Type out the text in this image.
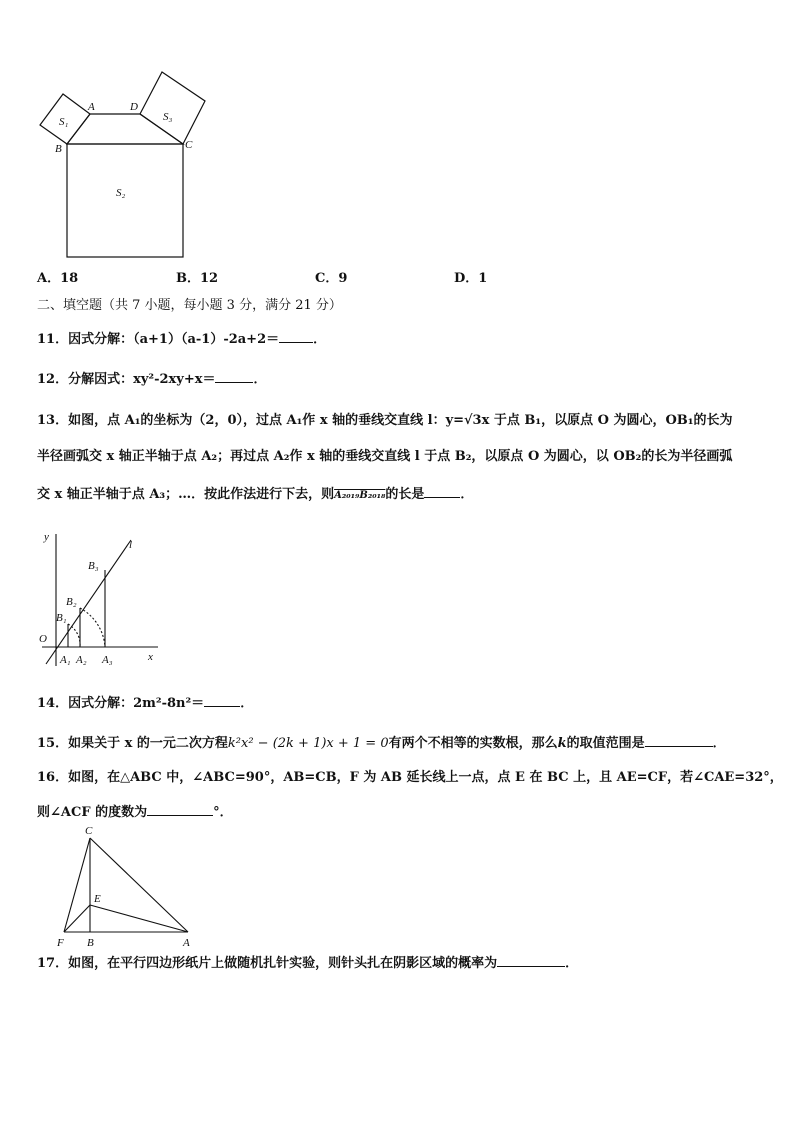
A	D
B	C
S₁	S₃
S₂
A．18	B．12	C．9	D．1
二、填空题（共 7 小题，每小题 3 分，满分 21 分）
11．因式分解：（a+1）（a-1）-2a+2＝	．
12．分解因式：xy²-2xy+x＝	．
13．如图，点 A₁的坐标为（2，0），过点 A₁作 x 轴的垂线交直线 l：y=√3x 于点 B₁，以原点 O 为圆心，OB₁的长为
半径画弧交 x 轴正半轴于点 A₂；再过点 A₂作 x 轴的垂线交直线 l 于点 B₂，以原点 O 为圆心，以 OB₂的长为半径画弧
交 x 轴正半轴于点 A₃；…．按此作法进行下去，则A₂₀₁₉B₂₀₁₈的长是	．
y
l
B₃
B₂
B₁
O
A₁ A₂ A₃	x
14．因式分解：2m²-8n²＝	．
15．如果关于 x 的一元二次方程k²x² − (2k + 1)x + 1 = 0有两个不相等的实数根，那么k的取值范围是	．
16．如图，在△ABC 中，∠ABC=90°，AB=CB，F 为 AB 延长线上一点，点 E 在 BC 上，且 AE=CF，若∠CAE=32°，
则∠ACF 的度数为	°．
C
E
F B	A
17．如图，在平行四边形纸片上做随机扎针实验，则针头扎在阴影区域的概率为	．
